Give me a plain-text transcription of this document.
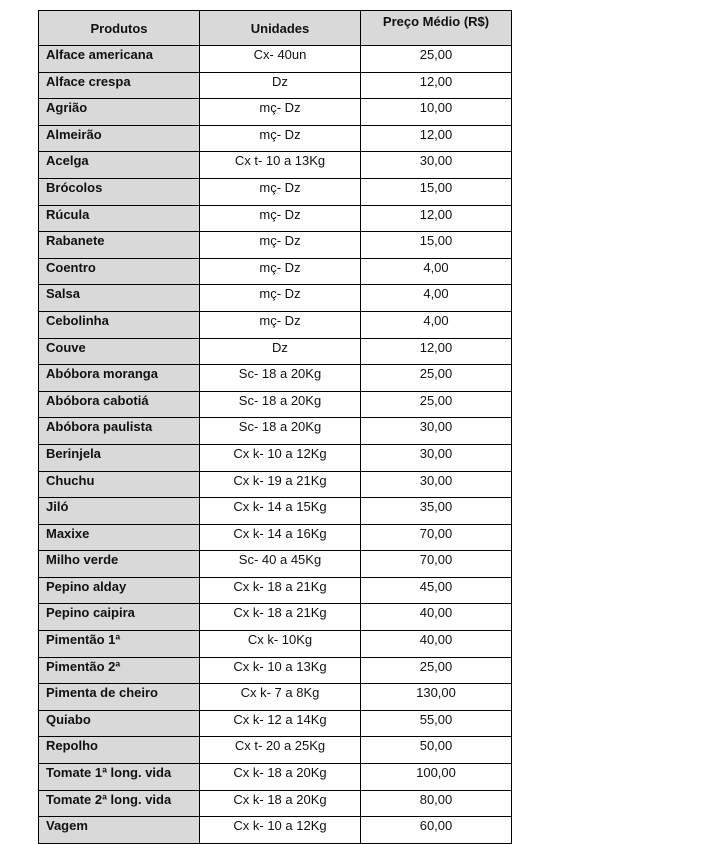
Produtos	Unidades	Preço Médio (R$)
Alface americana	Cx- 40un	25,00
Alface crespa	Dz	12,00
Agrião	mç- Dz	10,00
Almeirão	mç- Dz	12,00
Acelga	Cx t- 10 a 13Kg	30,00
Brócolos	mç- Dz	15,00
Rúcula	mç- Dz	12,00
Rabanete	mç- Dz	15,00
Coentro	mç- Dz	4,00
Salsa	mç- Dz	4,00
Cebolinha	mç- Dz	4,00
Couve	Dz	12,00
Abóbora moranga	Sc- 18 a 20Kg	25,00
Abóbora cabotiá	Sc- 18 a 20Kg	25,00
Abóbora paulista	Sc- 18 a 20Kg	30,00
Berinjela	Cx k- 10 a 12Kg	30,00
Chuchu	Cx k- 19 a 21Kg	30,00
Jiló	Cx k- 14 a 15Kg	35,00
Maxixe	Cx k- 14 a 16Kg	70,00
Milho verde	Sc- 40 a 45Kg	70,00
Pepino alday	Cx k- 18 a 21Kg	45,00
Pepino caipira	Cx k- 18 a 21Kg	40,00
Pimentão 1ª	Cx k- 10Kg	40,00
Pimentão 2ª	Cx k- 10 a 13Kg	25,00
Pimenta de cheiro	Cx k- 7 a 8Kg	130,00
Quiabo	Cx k- 12 a 14Kg	55,00
Repolho	Cx t- 20 a 25Kg	50,00
Tomate 1ª long. vida	Cx k- 18 a 20Kg	100,00
Tomate 2ª long. vida	Cx k- 18 a 20Kg	80,00
Vagem	Cx k- 10 a 12Kg	60,00
